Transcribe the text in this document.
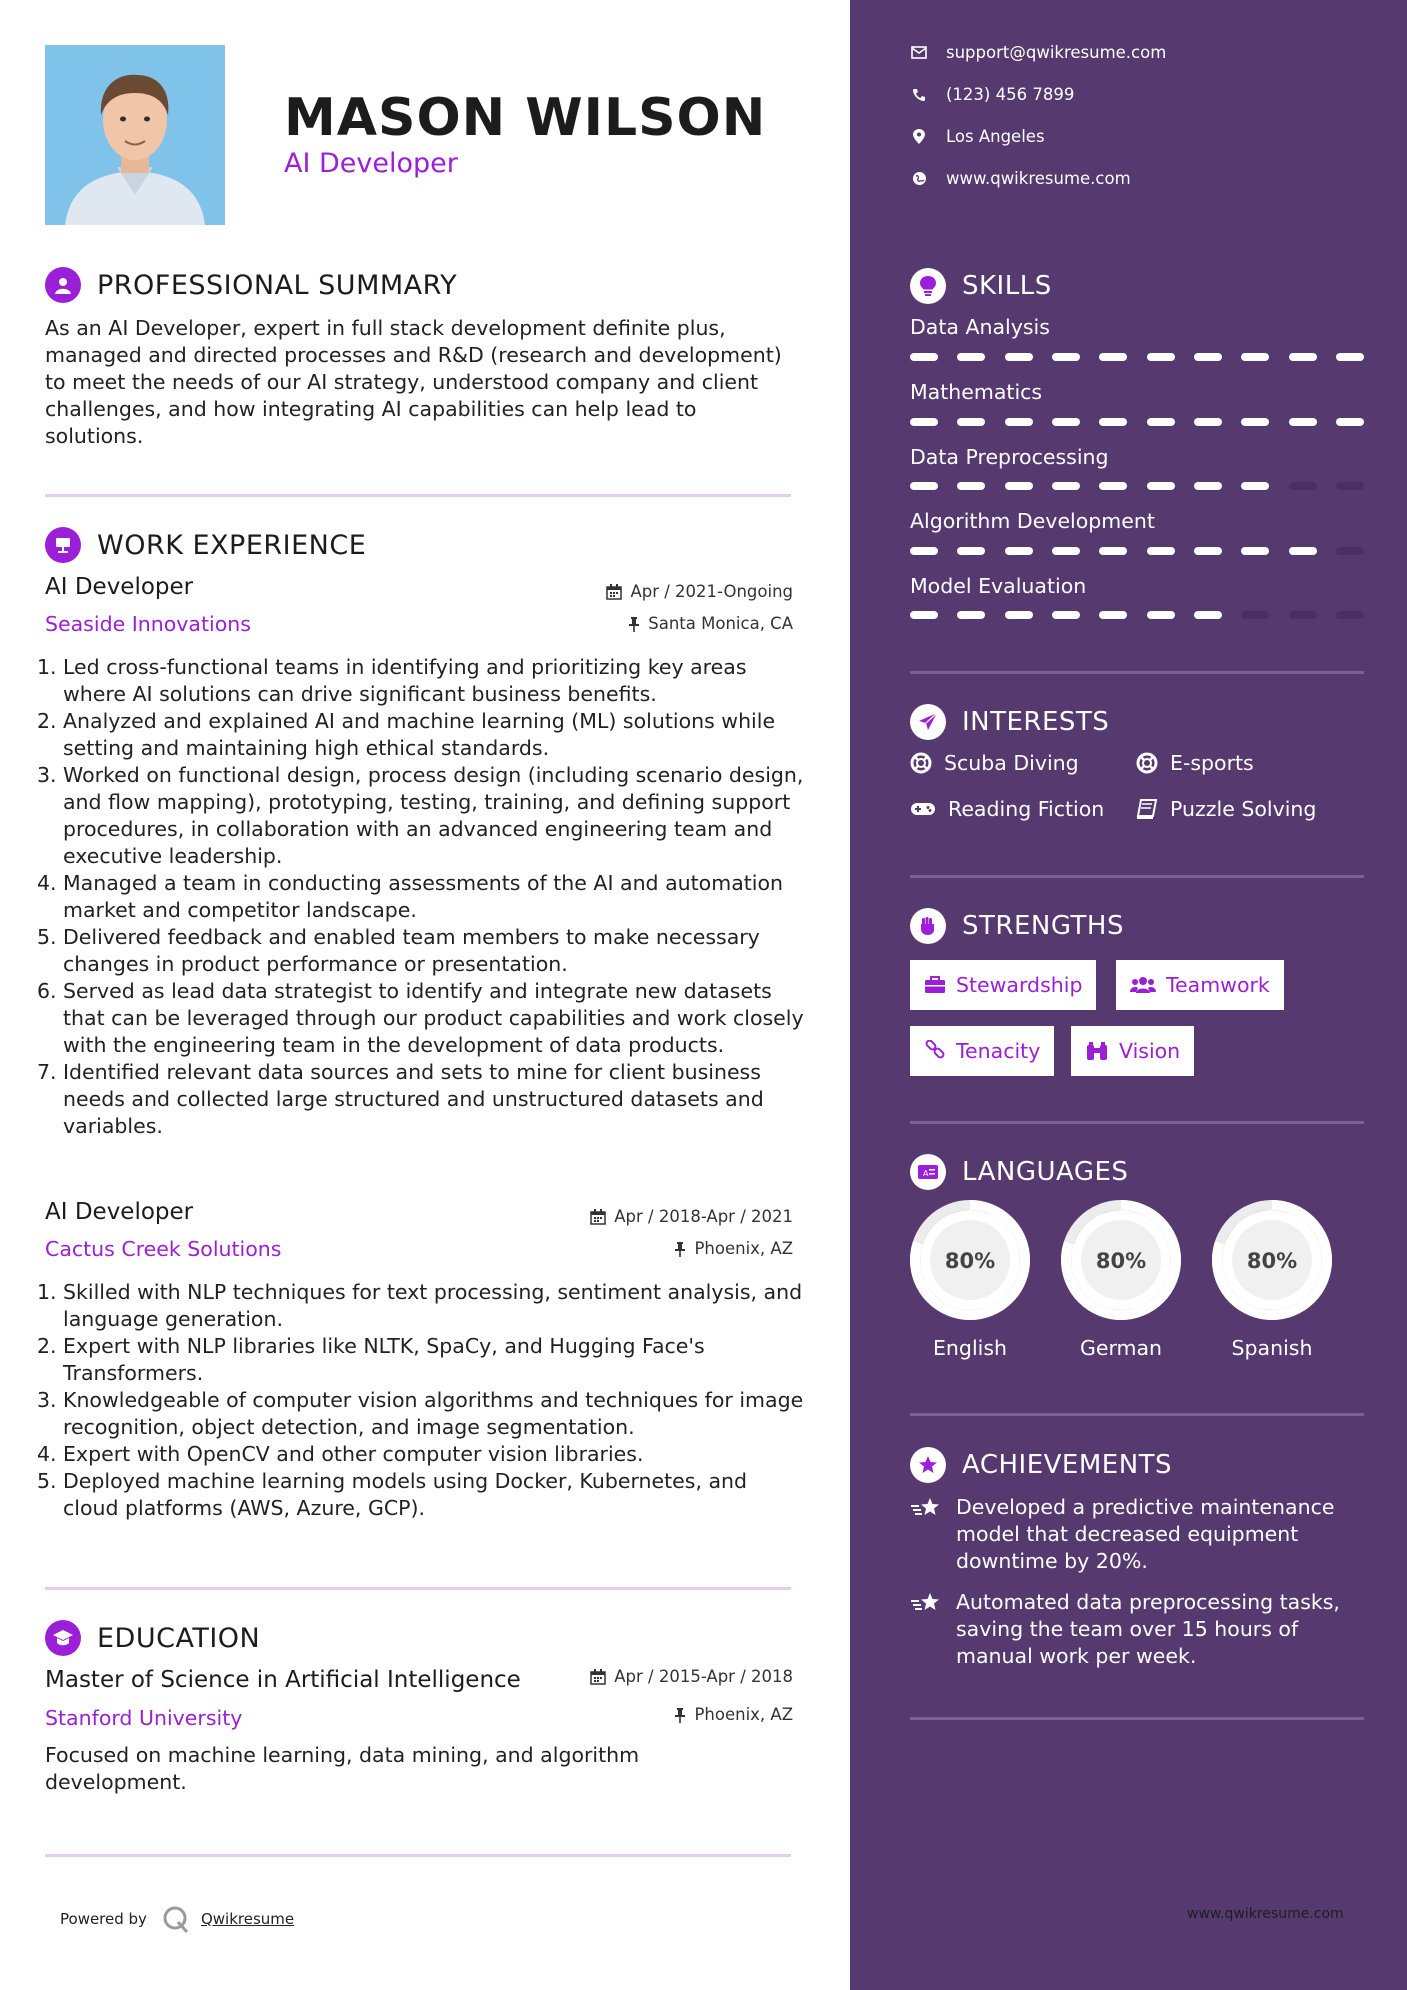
MASON WILSON
AI Developer
PROFESSIONAL SUMMARY
As an AI Developer, expert in full stack development definite plus, managed and directed processes and R&D (research and development) to meet the needs of our AI strategy, understood company and client challenges, and how integrating AI capabilities can help lead to solutions.
WORK EXPERIENCE
AI Developer	Apr / 2021-Ongoing
Seaside Innovations	Santa Monica, CA
Led cross-functional teams in identifying and prioritizing key areas where AI solutions can drive significant business benefits.
Analyzed and explained AI and machine learning (ML) solutions while setting and maintaining high ethical standards.
Worked on functional design, process design (including scenario design, and flow mapping), prototyping, testing, training, and defining support procedures, in collaboration with an advanced engineering team and executive leadership.
Managed a team in conducting assessments of the AI and automation market and competitor landscape.
Delivered feedback and enabled team members to make necessary changes in product performance or presentation.
Served as lead data strategist to identify and integrate new datasets that can be leveraged through our product capabilities and work closely with the engineering team in the development of data products.
Identified relevant data sources and sets to mine for client business needs and collected large structured and unstructured datasets and variables.
AI Developer	Apr / 2018-Apr / 2021
Cactus Creek Solutions	Phoenix, AZ
Skilled with NLP techniques for text processing, sentiment analysis, and language generation.
Expert with NLP libraries like NLTK, SpaCy, and Hugging Face's Transformers.
Knowledgeable of computer vision algorithms and techniques for image recognition, object detection, and image segmentation.
Expert with OpenCV and other computer vision libraries.
Deployed machine learning models using Docker, Kubernetes, and cloud platforms (AWS, Azure, GCP).
EDUCATION
Master of Science in Artificial Intelligence	Apr / 2015-Apr / 2018
Stanford University	Phoenix, AZ
Focused on machine learning, data mining, and algorithm development.
Powered by	Qwikresume
support@qwikresume.com
(123) 456 7899
Los Angeles
www.qwikresume.com
SKILLS
Data Analysis
Mathematics
Data Preprocessing
Algorithm Development
Model Evaluation
INTERESTS
Scuba Diving	E-sports
Reading Fiction	Puzzle Solving
STRENGTHS
Stewardship	Teamwork
Tenacity	Vision
A LANGUAGES
80%	80%	80%
English	German	Spanish
ACHIEVEMENTS
Developed a predictive maintenance model that decreased equipment downtime by 20%.
Automated data preprocessing tasks, saving the team over 15 hours of manual work per week.
www.qwikresume.com
